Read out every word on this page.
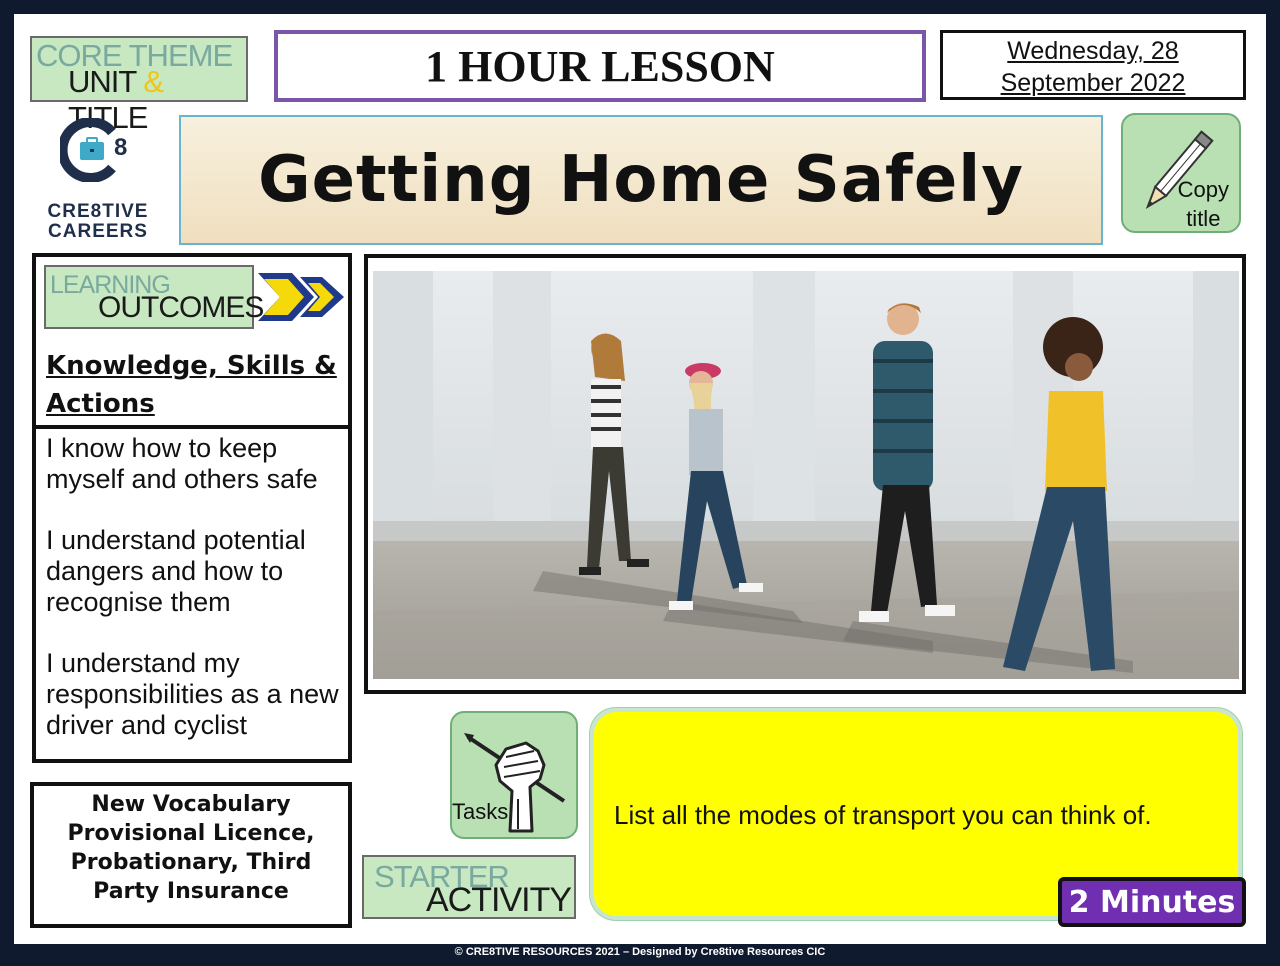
CORE THEME
UNIT & TITLE
1 HOUR LESSON	Wednesday, 28
September 2022
8
CRE8TIVE
CAREERS
Getting Home Safely	Copy
title
LEARNING
OUTCOMES
Knowledge, Skills &
Actions
I know how to keep myself and others safe
I understand potential dangers and how to recognise them
I understand my responsibilities as a new driver and cyclist
New Vocabulary
Provisional Licence,
Probationary, Third
Party Insurance
Tasks
STARTER
ACTIVITY
List all the modes of transport you can think of.
2 Minutes
© CRE8TIVE RESOURCES 2021 – Designed by Cre8tive Resources CIC
